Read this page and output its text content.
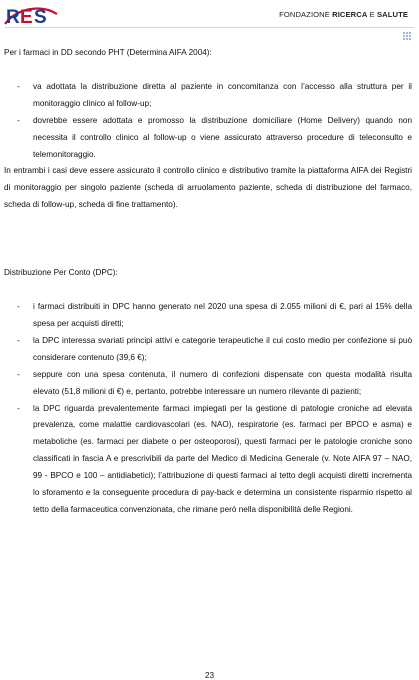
R E S	FONDAZIONE RICERCA E SALUTE

Per i farmaci in DD secondo PHT (Determina AIFA 2004):

-	va adottata la distribuzione diretta al paziente in concomitanza con l’accesso alla struttura per il monitoraggio clinico al follow-up;
-	dovrebbe essere adottata e promosso la distribuzione domiciliare (Home Delivery) quando non necessita il controllo clinico al follow-up o viene assicurato attraverso procedure di teleconsulto e telemonitoraggio.

In entrambi i casi deve essere assicurato il controllo clinico e distributivo tramite la piattaforma AIFA dei Registri di monitoraggio per singolo paziente (scheda di arruolamento paziente, scheda di distribuzione del farmaco, scheda di follow-up, scheda di fine trattamento).

Distribuzione Per Conto (DPC):

-	i farmaci distribuiti in DPC hanno generato nel 2020 una spesa di 2.055 milioni di €, pari al 15% della spesa per acquisti diretti;
-	la DPC interessa svariati principi attivi e categorie terapeutiche il cui costo medio per confezione si può considerare contenuto (39,6 €);
-	seppure con una spesa contenuta, il numero di confezioni dispensate con questa modalità risulta elevato (51,8 milioni di €) e, pertanto, potrebbe interessare un numero rilevante di pazienti;
-	la DPC riguarda prevalentemente farmaci impiegati per la gestione di patologie croniche ad elevata prevalenza, come malattie cardiovascolari (es. NAO), respiratorie (es. farmaci per BPCO e asma) e metaboliche (es. farmaci per diabete o per osteoporosi), questi farmaci per le patologie croniche sono classificati in fascia A e prescrivibili da parte del Medico di Medicina Generale (v. Note AIFA 97 – NAO, 99 - BPCO e 100 – antidiabetici); l’attribuzione di questi farmaci al tetto degli acquisti diretti incrementa lo sforamento e la conseguente procedura di pay-back e determina un consistente risparmio rispetto al tetto della farmaceutica convenzionata, che rimane però nella disponibilità delle Regioni.
23
